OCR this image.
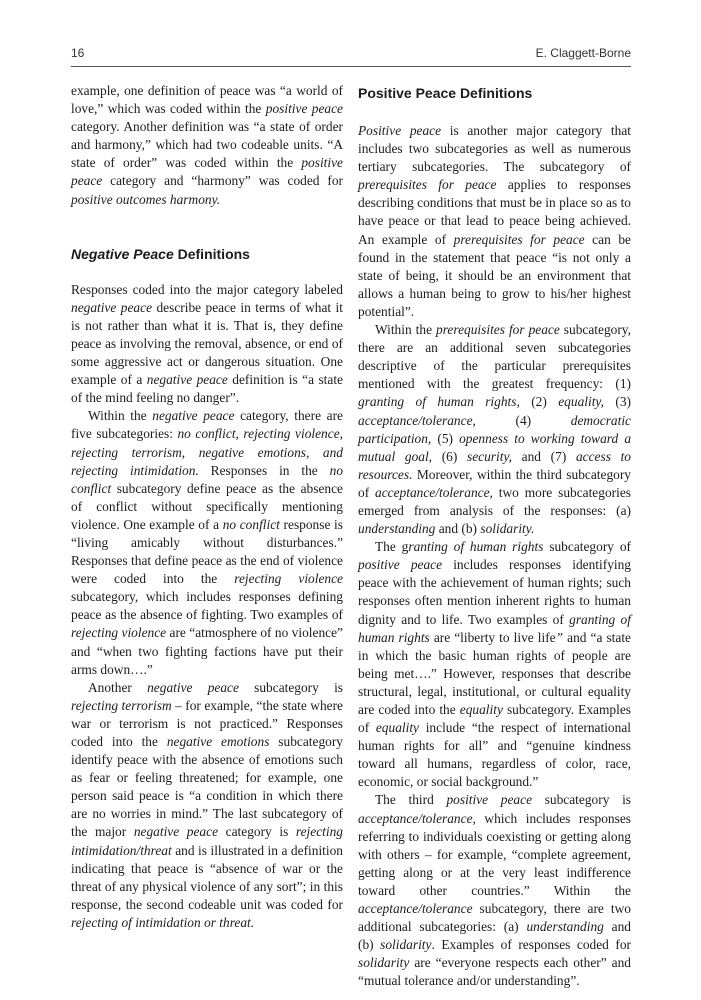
16	E. Claggett-Borne

example, one definition of peace was “a world of love,” which was coded within the positive peace category. Another definition was “a state of order and harmony,” which had two codeable units. “A state of order” was coded within the positive peace category and “harmony” was coded for positive outcomes harmony.

Negative Peace Definitions

Responses coded into the major category labeled negative peace describe peace in terms of what it is not rather than what it is. That is, they define peace as involving the removal, absence, or end of some aggressive act or dangerous situation. One example of a negative peace definition is “a state of the mind feeling no danger”.

Within the negative peace category, there are five subcategories: no conflict, rejecting violence, rejecting terrorism, negative emotions, and rejecting intimidation. Responses in the no conflict subcategory define peace as the absence of conflict without specifically mentioning violence. One example of a no conflict response is “living amicably without disturbances.” Responses that define peace as the end of violence were coded into the rejecting violence subcategory, which includes responses defining peace as the absence of fighting. Two examples of rejecting violence are “atmosphere of no violence” and “when two fighting factions have put their arms down….”

Another negative peace subcategory is rejecting terrorism – for example, “the state where war or terrorism is not practiced.” Responses coded into the negative emotions subcategory identify peace with the absence of emotions such as fear or feeling threatened; for example, one person said peace is “a condition in which there are no worries in mind.” The last subcategory of the major negative peace category is rejecting intimidation/threat and is illustrated in a definition indicating that peace is “absence of war or the threat of any physical violence of any sort”; in this response, the second codeable unit was coded for rejecting of intimidation or threat.

Positive Peace Definitions

Positive peace is another major category that includes two subcategories as well as numerous tertiary subcategories. The subcategory of prerequisites for peace applies to responses describing conditions that must be in place so as to have peace or that lead to peace being achieved. An example of prerequisites for peace can be found in the statement that peace “is not only a state of being, it should be an environment that allows a human being to grow to his/her highest potential”.

Within the prerequisites for peace subcategory, there are an additional seven subcategories descriptive of the particular prerequisites mentioned with the greatest frequency: (1) granting of human rights, (2) equality, (3) acceptance/tolerance, (4) democratic participation, (5) openness to working toward a mutual goal, (6) security, and (7) access to resources. Moreover, within the third subcategory of acceptance/tolerance, two more subcategories emerged from analysis of the responses: (a) understanding and (b) solidarity.

The granting of human rights subcategory of positive peace includes responses identifying peace with the achievement of human rights; such responses often mention inherent rights to human dignity and to life. Two examples of granting of human rights are “liberty to live life” and “a state in which the basic human rights of people are being met….” However, responses that describe structural, legal, institutional, or cultural equality are coded into the equality subcategory. Examples of equality include “the respect of international human rights for all” and “genuine kindness toward all humans, regardless of color, race, economic, or social background.”

The third positive peace subcategory is acceptance/tolerance, which includes responses referring to individuals coexisting or getting along with others – for example, “complete agreement, getting along or at the very least indifference toward other countries.” Within the acceptance/tolerance subcategory, there are two additional subcategories: (a) understanding and (b) solidarity. Examples of responses coded for solidarity are “everyone respects each other” and “mutual tolerance and/or understanding”.
